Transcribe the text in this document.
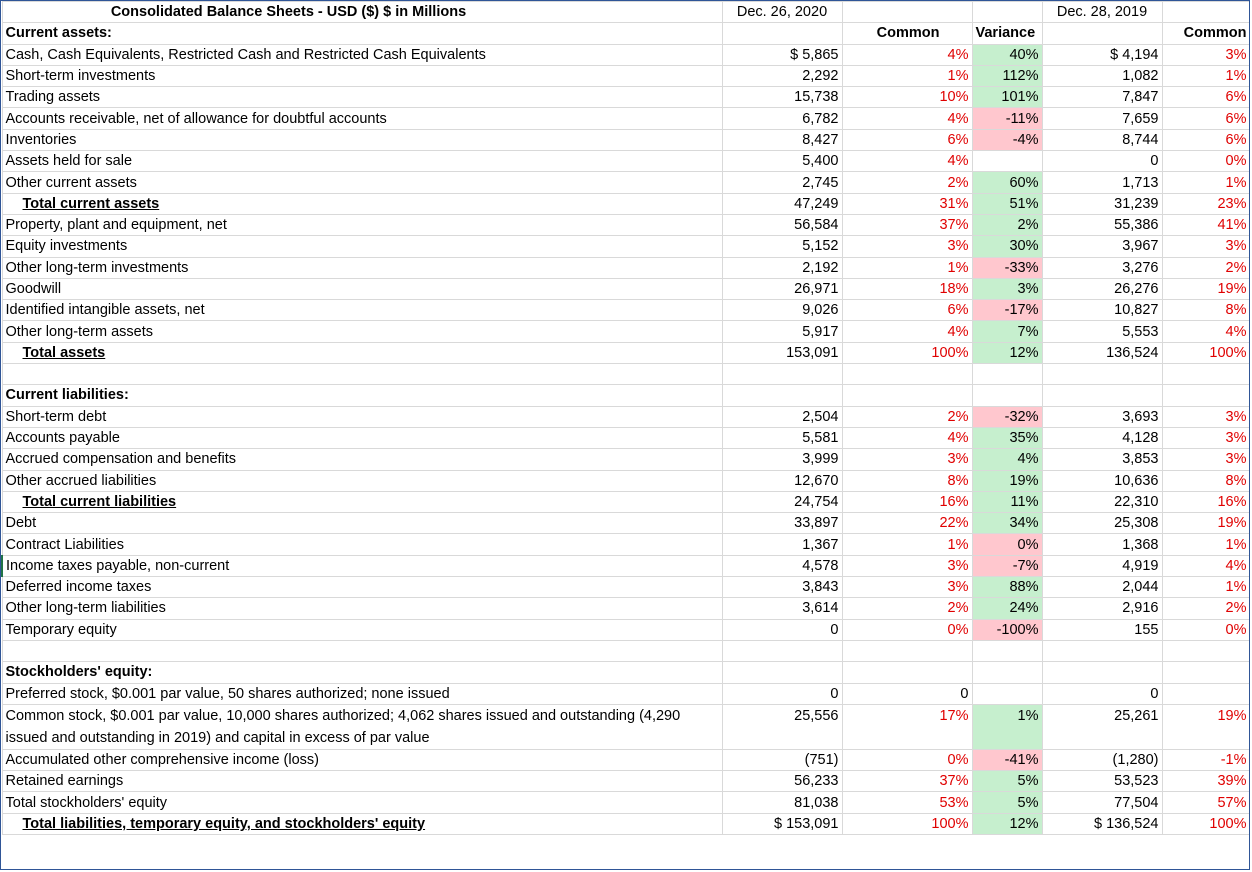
Consolidated Balance Sheets - USD ($) $ in Millions	Dec. 26, 2020			Dec. 28, 2019	
Current assets:		Common	Variance		Common
Cash, Cash Equivalents, Restricted Cash and Restricted Cash Equivalents	$ 5,865	4%	40%	$ 4,194	3%
Short-term investments	2,292	1%	112%	1,082	1%
Trading assets	15,738	10%	101%	7,847	6%
Accounts receivable, net of allowance for doubtful accounts	6,782	4%	-11%	7,659	6%
Inventories	8,427	6%	-4%	8,744	6%
Assets held for sale	5,400	4%		0	0%
Other current assets	2,745	2%	60%	1,713	1%
Total current assets	47,249	31%	51%	31,239	23%
Property, plant and equipment, net	56,584	37%	2%	55,386	41%
Equity investments	5,152	3%	30%	3,967	3%
Other long-term investments	2,192	1%	-33%	3,276	2%
Goodwill	26,971	18%	3%	26,276	19%
Identified intangible assets, net	9,026	6%	-17%	10,827	8%
Other long-term assets	5,917	4%	7%	5,553	4%
Total assets	153,091	100%	12%	136,524	100%

Current liabilities:					
Short-term debt	2,504	2%	-32%	3,693	3%
Accounts payable	5,581	4%	35%	4,128	3%
Accrued compensation and benefits	3,999	3%	4%	3,853	3%
Other accrued liabilities	12,670	8%	19%	10,636	8%
Total current liabilities	24,754	16%	11%	22,310	16%
Debt	33,897	22%	34%	25,308	19%
Contract Liabilities	1,367	1%	0%	1,368	1%
Income taxes payable, non-current	4,578	3%	-7%	4,919	4%
Deferred income taxes	3,843	3%	88%	2,044	1%
Other long-term liabilities	3,614	2%	24%	2,916	2%
Temporary equity	0	0%	-100%	155	0%

Stockholders' equity:					
Preferred stock, $0.001 par value, 50 shares authorized; none issued	0	0		0	
Common stock, $0.001 par value, 10,000 shares authorized; 4,062 shares issued and outstanding (4,290 issued and outstanding in 2019) and capital in excess of par value	25,556	17%	1%	25,261	19%
Accumulated other comprehensive income (loss)	(751)	0%	-41%	(1,280)	-1%
Retained earnings	56,233	37%	5%	53,523	39%
Total stockholders' equity	81,038	53%	5%	77,504	57%
Total liabilities, temporary equity, and stockholders' equity	$ 153,091	100%	12%	$ 136,524	100%
